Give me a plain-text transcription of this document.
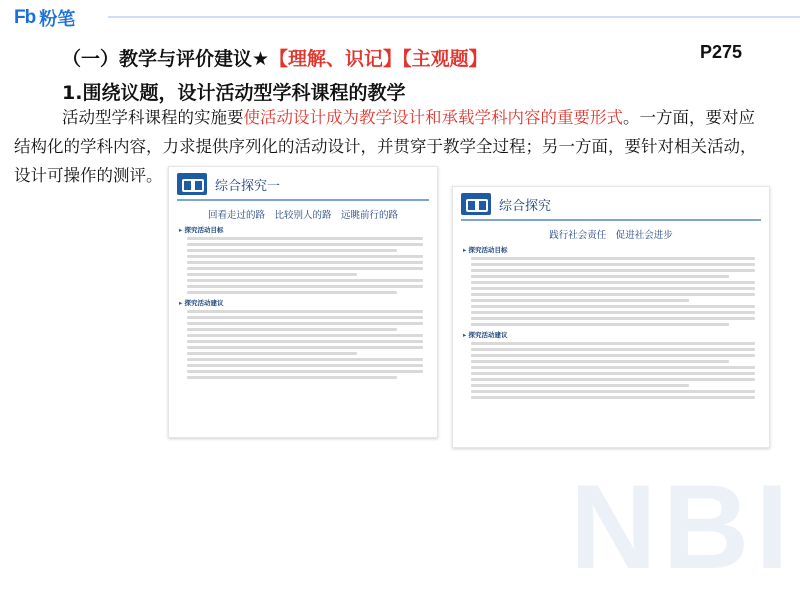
Fb 粉笔
（一）教学与评价建议★【理解、识记】【主观题】	P275
1.围绕议题，设计活动型学科课程的教学
活动型学科课程的实施要使活动设计成为教学设计和承载学科内容的重要形式。一方面，要对应
结构化的学科内容，力求提供序列化的活动设计，并贯穿于教学全过程；另一方面，要针对相关活动，
设计可操作的测评。
NBI
综合探究一
回看走过的路　比较别人的路　远眺前行的路
▸ 探究活动目标
▸ 探究活动建议
综合探究
践行社会责任　促进社会进步
▸ 探究活动目标
▸ 探究活动建议
